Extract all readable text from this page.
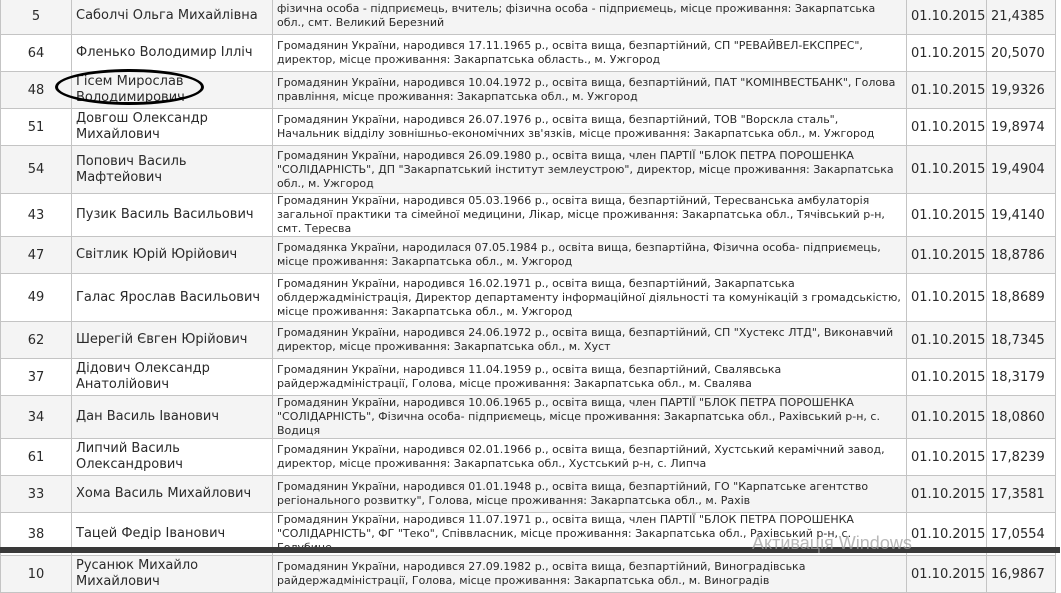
5	Саболчі Ольга Михайлівна	фізична особа - підприємець, вчитель; фізична особа - підприємець, місце проживання: Закарпатська обл., смт. Великий Березний	01.10.2015	21,4385
64	Фленько Володимир Ілліч	Громадянин України, народився 17.11.1965 р., освіта вища, безпартійний, СП "РЕВАЙВЕЛ-ЕКСПРЕС", директор, місце проживання: Закарпатська область., м. Ужгород	01.10.2015	20,5070
48	Гісем Мирослав Володимирович	Громадянин України, народився 10.04.1972 р., освіта вища, безпартійний, ПАТ "КОМІНВЕСТБАНК", Голова правління, місце проживання: Закарпатська обл., м. Ужгород	01.10.2015	19,9326
51	Довгош Олександр Михайлович	Громадянин України, народився 26.07.1976 р., освіта вища, безпартійний, ТОВ "Ворскла сталь", Начальник відділу зовнішньо-економічних зв'язків, місце проживання: Закарпатська обл., м. Ужгород	01.10.2015	19,8974
54	Попович Василь Мафтейович	Громадянин України, народився 26.09.1980 р., освіта вища, член ПАРТІЇ "БЛОК ПЕТРА ПОРОШЕНКА "СОЛІДАРНІСТЬ", ДП "Закарпатський інститут землеустрою", директор, місце проживання: Закарпатська обл., м. Ужгород	01.10.2015	19,4904
43	Пузик Василь Васильович	Громадянин України, народився 05.03.1966 р., освіта вища, безпартійний, Тересванська амбулаторія загальної практики та сімейної медицини, Лікар, місце проживання: Закарпатська обл., Тячівський р-н, смт. Тересва	01.10.2015	19,4140
47	Світлик Юрій Юрійович	Громадянка України, народилася 07.05.1984 р., освіта вища, безпартійна, Фізична особа- підприємець, місце проживання: Закарпатська обл., м. Ужгород	01.10.2015	18,8786
49	Галас Ярослав Васильович	Громадянин України, народився 16.02.1971 р., освіта вища, безпартійний, Закарпатська облдержадміністрація, Директор департаменту інформаційної діяльності та комунікацій з громадськістю, місце проживання: Закарпатська обл., м. Ужгород	01.10.2015	18,8689
62	Шерегій Євген Юрійович	Громадянин України, народився 24.06.1972 р., освіта вища, безпартійний, СП "Хустекс ЛТД", Виконавчий директор, місце проживання: Закарпатська обл., м. Хуст	01.10.2015	18,7345
37	Дідович Олександр Анатолійович	Громадянин України, народився 11.04.1959 р., освіта вища, безпартійний, Свалявська райдержадміністрації, Голова, місце проживання: Закарпатська обл., м. Свалява	01.10.2015	18,3179
34	Дан Василь Іванович	Громадянин України, народився 10.06.1965 р., освіта вища, член ПАРТІЇ "БЛОК ПЕТРА ПОРОШЕНКА "СОЛІДАРНІСТЬ", Фізична особа- підприємець, місце проживання: Закарпатська обл., Рахівський р-н, с. Водиця	01.10.2015	18,0860
61	Липчий Василь Олександрович	Громадянин України, народився 02.01.1966 р., освіта вища, безпартійний, Хустський керамічний завод, директор, місце проживання: Закарпатська обл., Хустський р-н, с. Липча	01.10.2015	17,8239
33	Хома Василь Михайлович	Громадянин України, народився 01.01.1948 р., освіта вища, безпартійний, ГО "Карпатське агентство регіонального розвитку", Голова, місце проживання: Закарпатська обл., м. Рахів	01.10.2015	17,3581
38	Тацей Федір Іванович	Громадянин України, народився 11.07.1971 р., освіта вища, член ПАРТІЇ "БЛОК ПЕТРА ПОРОШЕНКА "СОЛІДАРНІСТЬ", ФГ "Теко", Співвласник, місце проживання: Закарпатська обл., Рахівський р-н, с.	01.10.2015	17,0554
10	Русанюк Михайло Михайлович	Громадянин України, народився 27.09.1982 р., освіта вища, безпартійний, Виноградівська райдержадміністрації, Голова, місце проживання: Закарпатська обл., м. Виноградів	01.10.2015	16,9867
Активація Windows
